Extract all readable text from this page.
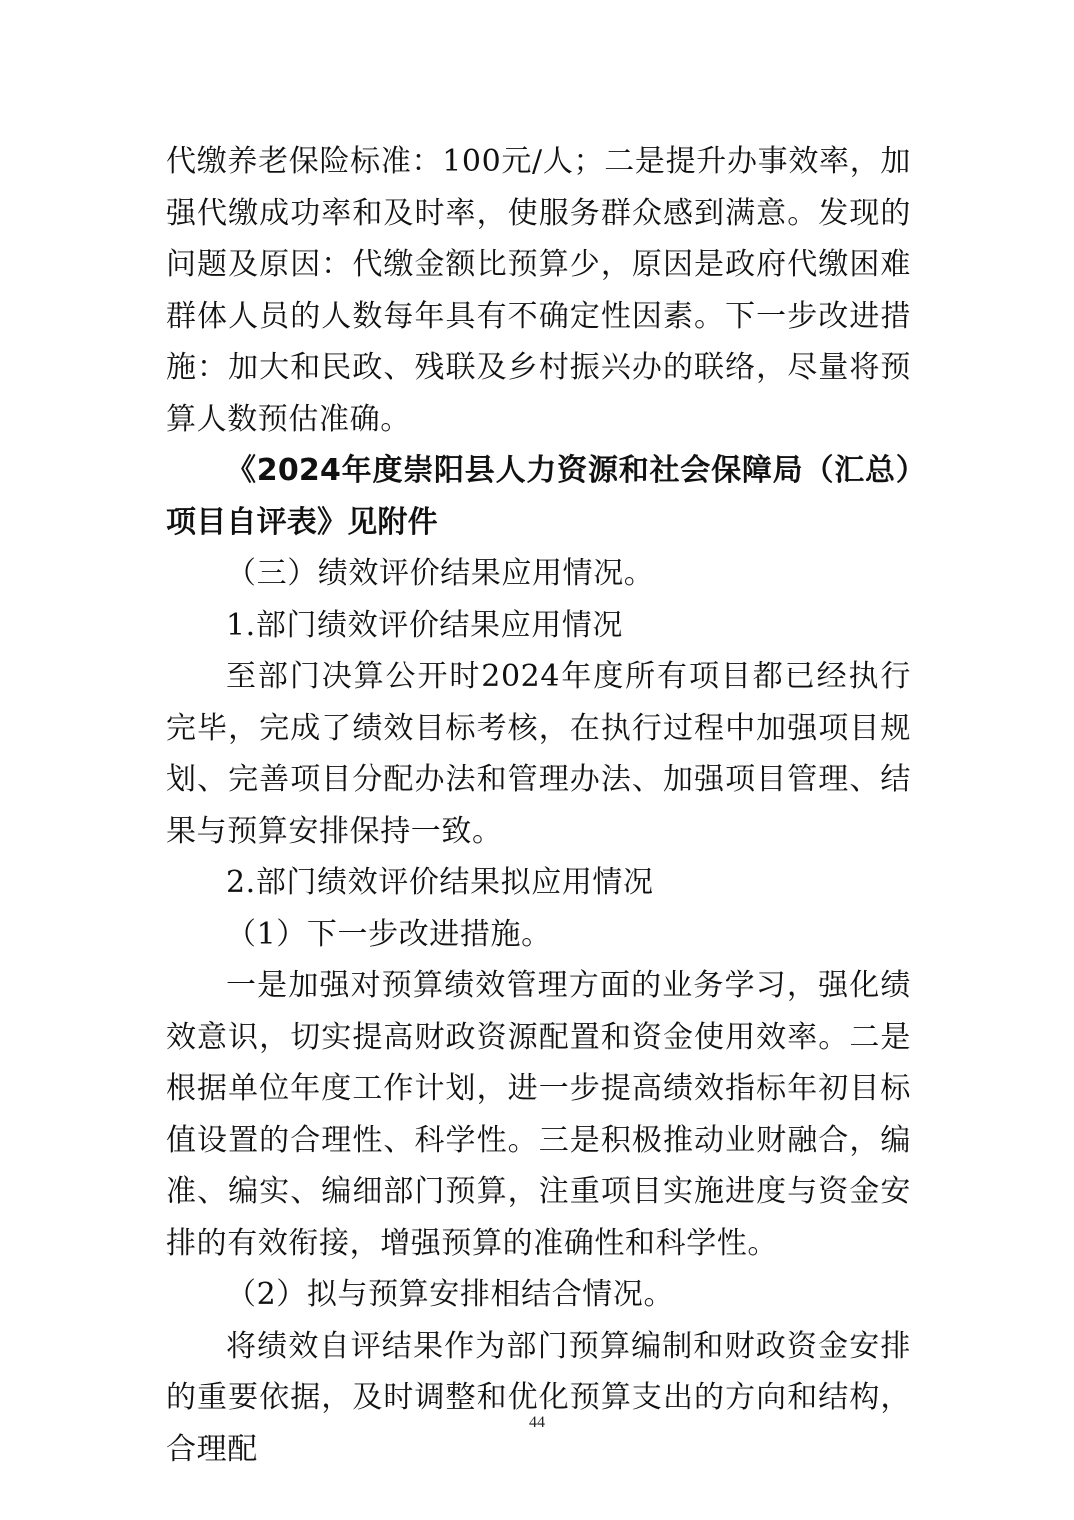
代缴养老保险标准：100元/人；二是提升办事效率，加强代缴成功率和及时率，使服务群众感到满意。发现的问题及原因：代缴金额比预算少，原因是政府代缴困难群体人员的人数每年具有不确定性因素。下一步改进措施：加大和民政、残联及乡村振兴办的联络，尽量将预算人数预估准确。

《2024年度崇阳县人力资源和社会保障局（汇总）项目自评表》见附件

（三）绩效评价结果应用情况。

1.部门绩效评价结果应用情况

至部门决算公开时2024年度所有项目都已经执行完毕，完成了绩效目标考核，在执行过程中加强项目规划、完善项目分配办法和管理办法、加强项目管理、结果与预算安排保持一致。

2.部门绩效评价结果拟应用情况

（1）下一步改进措施。

一是加强对预算绩效管理方面的业务学习，强化绩效意识，切实提高财政资源配置和资金使用效率。二是根据单位年度工作计划，进一步提高绩效指标年初目标值设置的合理性、科学性。三是积极推动业财融合，编准、编实、编细部门预算，注重项目实施进度与资金安排的有效衔接，增强预算的准确性和科学性。

（2）拟与预算安排相结合情况。

将绩效自评结果作为部门预算编制和财政资金安排的重要依据，及时调整和优化预算支出的方向和结构，合理配

44
